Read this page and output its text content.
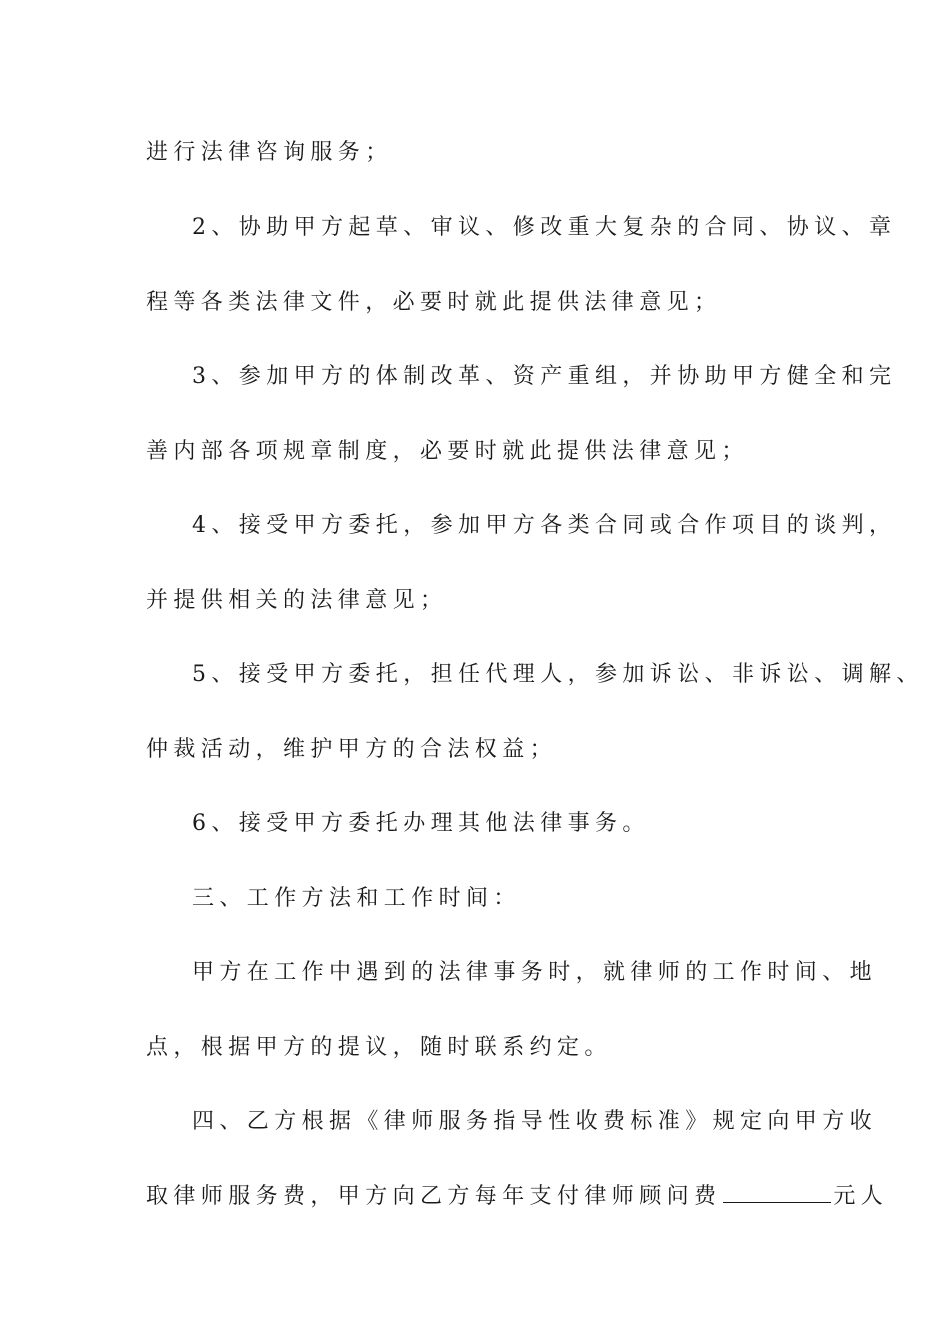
进行法律咨询服务；
2、协助甲方起草、审议、修改重大复杂的合同、协议、章
程等各类法律文件，必要时就此提供法律意见；
3、参加甲方的体制改革、资产重组，并协助甲方健全和完
善内部各项规章制度，必要时就此提供法律意见；
4、接受甲方委托，参加甲方各类合同或合作项目的谈判，
并提供相关的法律意见；
5、接受甲方委托，担任代理人，参加诉讼、非诉讼、调解、
仲裁活动，维护甲方的合法权益；
6、接受甲方委托办理其他法律事务。
三、工作方法和工作时间：
甲方在工作中遇到的法律事务时，就律师的工作时间、地
点，根据甲方的提议，随时联系约定。
四、乙方根据《律师服务指导性收费标准》规定向甲方收
取律师服务费，甲方向乙方每年支付律师顾问费	元人
